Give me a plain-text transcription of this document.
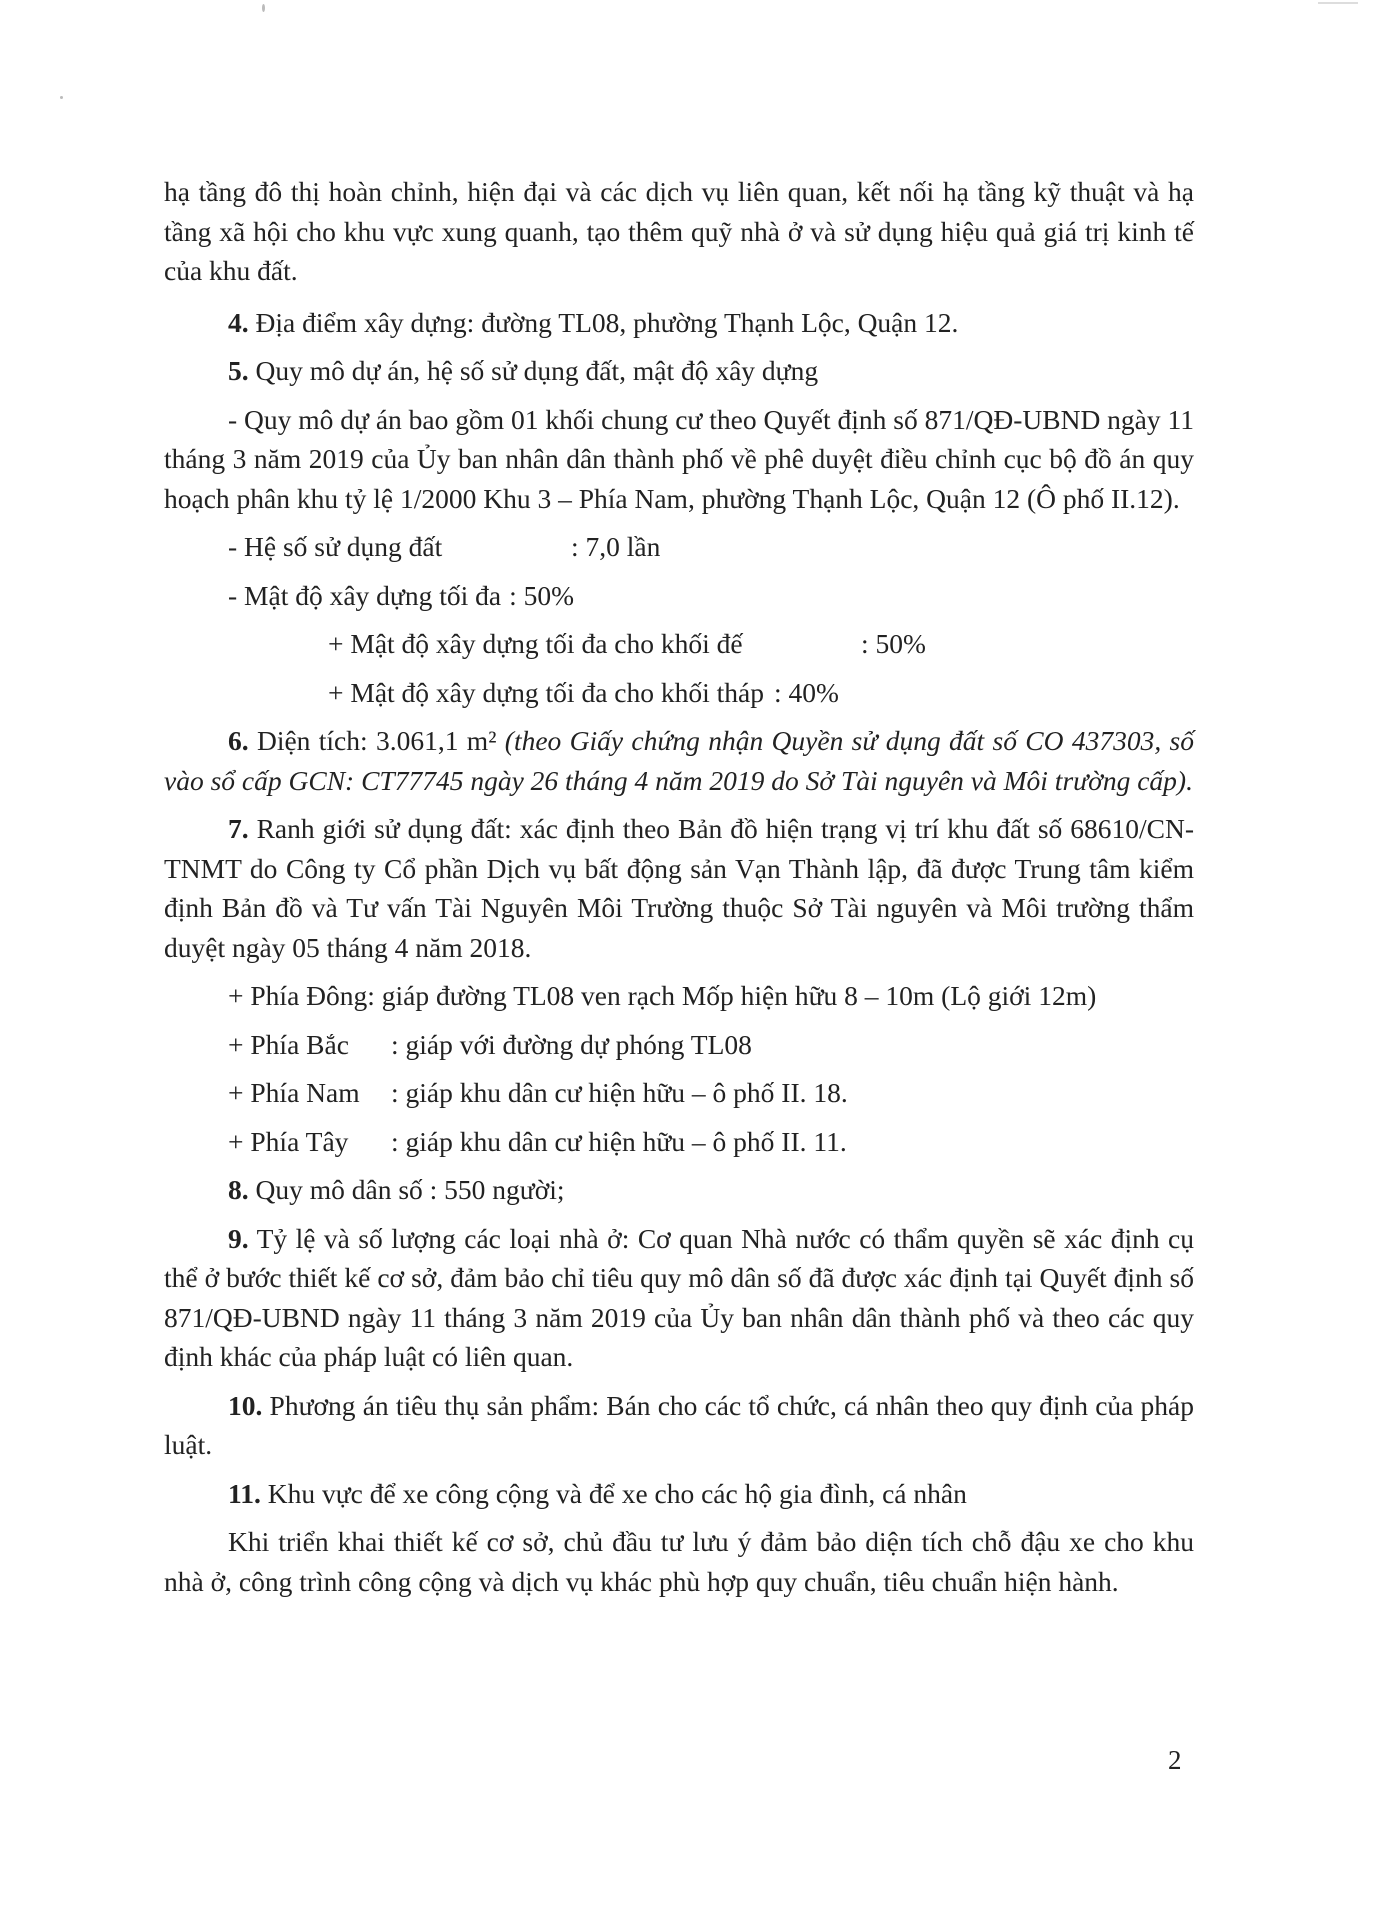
hạ tầng đô thị hoàn chỉnh, hiện đại và các dịch vụ liên quan, kết nối hạ tầng kỹ thuật và hạ tầng xã hội cho khu vực xung quanh, tạo thêm quỹ nhà ở và sử dụng hiệu quả giá trị kinh tế của khu đất.

4. Địa điểm xây dựng: đường TL08, phường Thạnh Lộc, Quận 12.

5. Quy mô dự án, hệ số sử dụng đất, mật độ xây dựng

- Quy mô dự án bao gồm 01 khối chung cư theo Quyết định số 871/QĐ-UBND ngày 11 tháng 3 năm 2019 của Ủy ban nhân dân thành phố về phê duyệt điều chỉnh cục bộ đồ án quy hoạch phân khu tỷ lệ 1/2000 Khu 3 – Phía Nam, phường Thạnh Lộc, Quận 12 (Ô phố II.12).

- Hệ số sử dụng đất	: 7,0 lần
- Mật độ xây dựng tối đa : 50%
+ Mật độ xây dựng tối đa cho khối đế	: 50%
+ Mật độ xây dựng tối đa cho khối tháp : 40%

6. Diện tích: 3.061,1 m² (theo Giấy chứng nhận Quyền sử dụng đất số CO 437303, số vào sổ cấp GCN: CT77745 ngày 26 tháng 4 năm 2019 do Sở Tài nguyên và Môi trường cấp).

7. Ranh giới sử dụng đất: xác định theo Bản đồ hiện trạng vị trí khu đất số 68610/CN-TNMT do Công ty Cổ phần Dịch vụ bất động sản Vạn Thành lập, đã được Trung tâm kiểm định Bản đồ và Tư vấn Tài Nguyên Môi Trường thuộc Sở Tài nguyên và Môi trường thẩm duyệt ngày 05 tháng 4 năm 2018.

+ Phía Đông: giáp đường TL08 ven rạch Mốp hiện hữu 8 – 10m (Lộ giới 12m)

+ Phía Bắc	: giáp với đường dự phóng TL08
+ Phía Nam	: giáp khu dân cư hiện hữu – ô phố II. 18.
+ Phía Tây	: giáp khu dân cư hiện hữu – ô phố II. 11.

8. Quy mô dân số : 550 người;

9. Tỷ lệ và số lượng các loại nhà ở: Cơ quan Nhà nước có thẩm quyền sẽ xác định cụ thể ở bước thiết kế cơ sở, đảm bảo chỉ tiêu quy mô dân số đã được xác định tại Quyết định số 871/QĐ-UBND ngày 11 tháng 3 năm 2019 của Ủy ban nhân dân thành phố và theo các quy định khác của pháp luật có liên quan.

10. Phương án tiêu thụ sản phẩm: Bán cho các tổ chức, cá nhân theo quy định của pháp luật.

11. Khu vực để xe công cộng và để xe cho các hộ gia đình, cá nhân

Khi triển khai thiết kế cơ sở, chủ đầu tư lưu ý đảm bảo diện tích chỗ đậu xe cho khu nhà ở, công trình công cộng và dịch vụ khác phù hợp quy chuẩn, tiêu chuẩn hiện hành.

2
